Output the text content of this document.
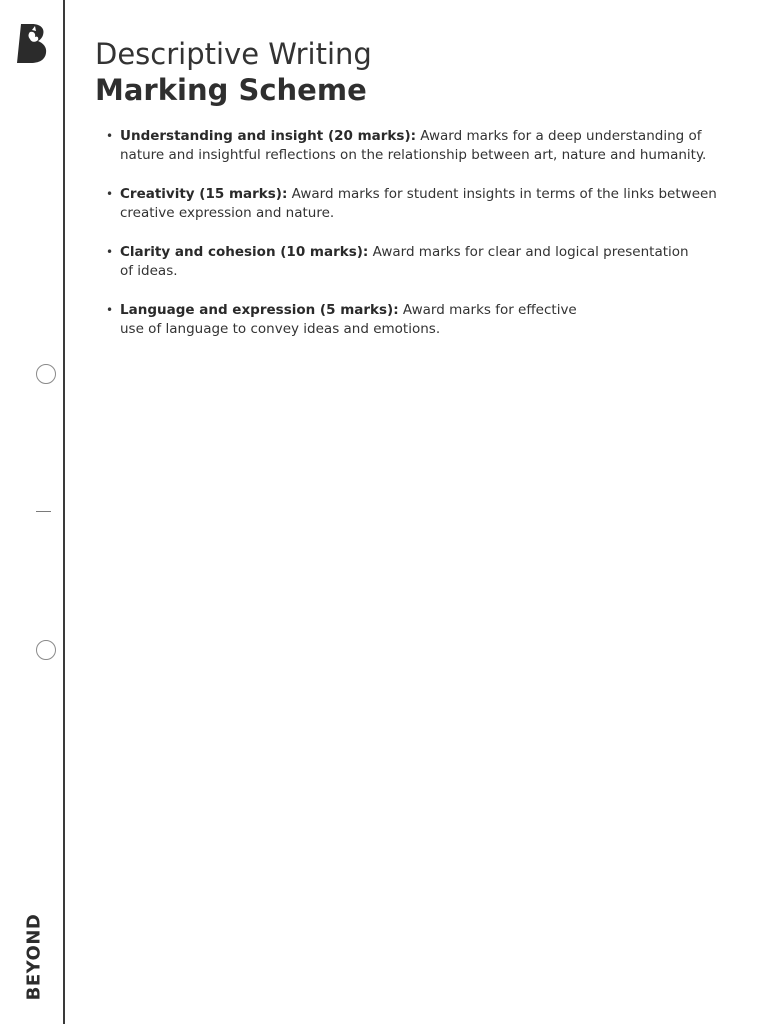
BEYOND
Descriptive Writing
Marking Scheme
• Understanding and insight (20 marks): Award marks for a deep understanding of
nature and insightful reflections on the relationship between art, nature and humanity.
• Creativity (15 marks): Award marks for student insights in terms of the links between
creative expression and nature.
• Clarity and cohesion (10 marks): Award marks for clear and logical presentation
of ideas.
• Language and expression (5 marks): Award marks for effective
use of language to convey ideas and emotions.
